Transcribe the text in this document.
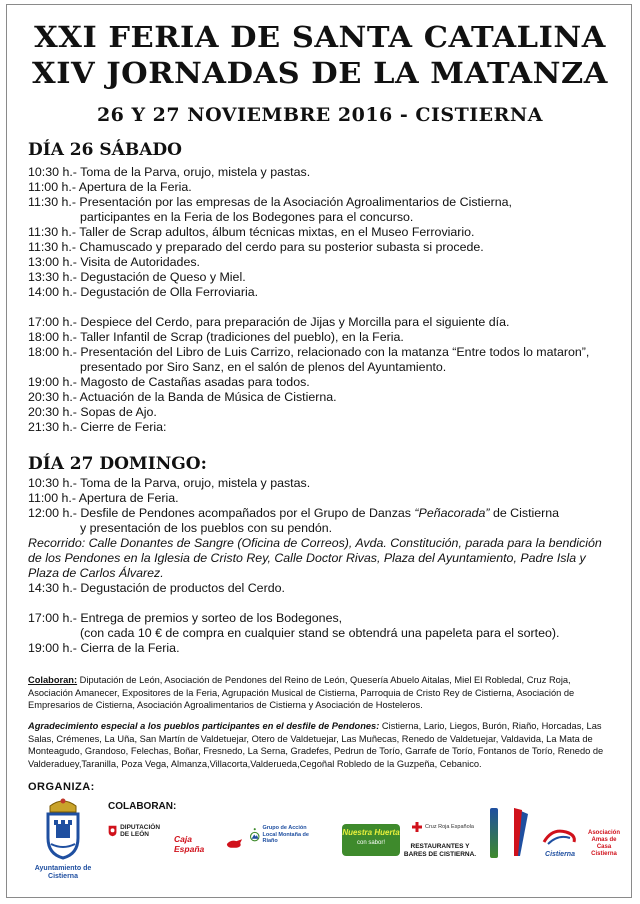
XXI FERIA DE SANTA CATALINA
XIV JORNADAS DE LA MATANZA
26 Y 27 NOVIEMBRE 2016 - CISTIERNA
DÍA 26 SÁBADO

10:30 h.- Toma de la Parva, orujo, mistela y pastas.

11:00 h.- Apertura de la Feria.

11:30 h.- Presentación por las empresas de la Asociación Agroalimentarios de Cistierna,

participantes en la Feria de los Bodegones para el concurso.

11:30 h.- Taller de Scrap adultos, álbum técnicas mixtas, en el Museo Ferroviario.

11:30 h.- Chamuscado y preparado del cerdo para su posterior subasta si procede.

13:00 h.- Visita de Autoridades.

13:30 h.- Degustación de Queso y Miel.

14:00 h.- Degustación de Olla Ferroviaria.

17:00 h.- Despiece del Cerdo, para preparación de Jijas y Morcilla para el siguiente día.

18:00 h.- Taller Infantil de Scrap (tradiciones del pueblo), en la Feria.

18:00 h.- Presentación del Libro de Luis Carrizo, relacionado con la matanza “Entre todos lo mataron”,

presentado por Siro Sanz, en el salón de plenos del Ayuntamiento.

19:00 h.- Magosto de Castañas asadas para todos.

20:30 h.- Actuación de la Banda de Música de Cistierna.

20:30 h.- Sopas de Ajo.

21:30 h.- Cierre de Feria:

DÍA 27 DOMINGO:

10:30 h.- Toma de la Parva, orujo, mistela y pastas.

11:00 h.- Apertura de Feria.

12:00 h.- Desfile de Pendones acompañados por el Grupo de Danzas “Peñacorada” de Cistierna

y presentación de los pueblos con su pendón.

Recorrido: Calle Donantes de Sangre (Oficina de Correos), Avda. Constitución, parada para la bendición de los Pendones en la Iglesia de Cristo Rey, Calle Doctor Rivas, Plaza del Ayuntamiento, Padre Isla y Plaza de Carlos Álvarez.

14:30 h.- Degustación de productos del Cerdo.

17:00 h.- Entrega de premios y sorteo de los Bodegones,

(con cada 10 € de compra en cualquier stand se obtendrá una papeleta para el sorteo).

19:00 h.- Cierra de la Feria.

Colaboran: Diputación de León, Asociación de Pendones del Reino de León, Quesería Abuelo Aitalas, Miel El Robledal, Cruz Roja, Asociación Amanecer, Expositores de la Feria, Agrupación Musical de Cistierna, Parroquia de Cristo Rey de Cistierna, Asociación de Empresarios de Cistierna, Asociación Agroalimentarios de Cistierna y Asociación de Hosteleros.
Agradecimiento especial a los pueblos participantes en el desfile de Pendones: Cistierna, Lario, Liegos, Burón, Riaño, Horcadas, Las Salas, Crémenes, La Uña, San Martín de Valdetuejar, Otero de Valdetuejar, Las Muñecas, Renedo de Valdetuejar, Valdavida, La Mata de Monteagudo, Grandoso, Felechas, Boñar, Fresnedo, La Serna, Gradefes, Pedrun de Torío, Garrafe de Torío, Fontanos de Torío, Renedo de Valderaduey,Taranilla, Poza Vega, Almanza,Villacorta,Valderueda,Cegoñal Robledo de la Guzpeña, Cebanico.
ORGANIZA:
COLABORAN:
Ayuntamiento de Cistierna
DIPUTACIÓN DE LEÓN	Caja España
Grupo de Acción Local Montaña de Riaño
Nuestra Huerta
con sabor!
Cruz Roja Española
RESTAURANTES Y BARES DE CISTIERNA.	Cistierna
Asociación Amas de Casa Cistierna
